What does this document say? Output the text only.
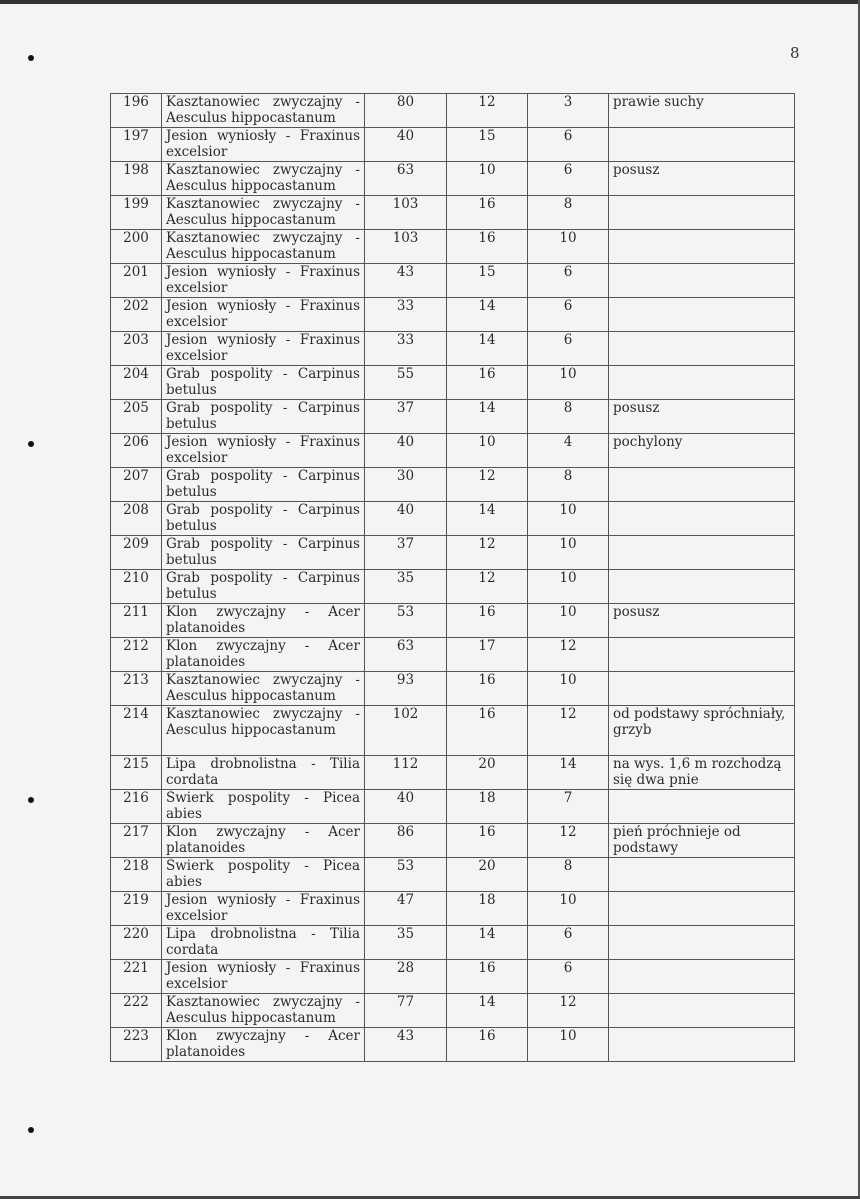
8
196	Kasztanowiec zwyczajny - Aesculus hippocastanum	80	12	3	prawie suchy
197	Jesion wyniosły - Fraxinus excelsior	40	15	6	
198	Kasztanowiec zwyczajny - Aesculus hippocastanum	63	10	6	posusz
199	Kasztanowiec zwyczajny - Aesculus hippocastanum	103	16	8	
200	Kasztanowiec zwyczajny - Aesculus hippocastanum	103	16	10	
201	Jesion wyniosły - Fraxinus excelsior	43	15	6	
202	Jesion wyniosły - Fraxinus excelsior	33	14	6	
203	Jesion wyniosły - Fraxinus excelsior	33	14	6	
204	Grab pospolity - Carpinus betulus	55	16	10	
205	Grab pospolity - Carpinus betulus	37	14	8	posusz
206	Jesion wyniosły - Fraxinus excelsior	40	10	4	pochylony
207	Grab pospolity - Carpinus betulus	30	12	8	
208	Grab pospolity - Carpinus betulus	40	14	10	
209	Grab pospolity - Carpinus betulus	37	12	10	
210	Grab pospolity - Carpinus betulus	35	12	10	
211	Klon zwyczajny - Acer platanoides	53	16	10	posusz
212	Klon zwyczajny - Acer platanoides	63	17	12	
213	Kasztanowiec zwyczajny - Aesculus hippocastanum	93	16	10	
214	Kasztanowiec zwyczajny - Aesculus hippocastanum	102	16	12	od podstawy spróchniały, grzyb
215	Lipa drobnolistna - Tilia cordata	112	20	14	na wys. 1,6 m rozchodzą się dwa pnie
216	Świerk pospolity - Picea abies	40	18	7	
217	Klon zwyczajny - Acer platanoides	86	16	12	pień próchnieje od podstawy
218	Świerk pospolity - Picea abies	53	20	8	
219	Jesion wyniosły - Fraxinus excelsior	47	18	10	
220	Lipa drobnolistna - Tilia cordata	35	14	6	
221	Jesion wyniosły - Fraxinus excelsior	28	16	6	
222	Kasztanowiec zwyczajny - Aesculus hippocastanum	77	14	12	
223	Klon zwyczajny - Acer platanoides	43	16	10	
